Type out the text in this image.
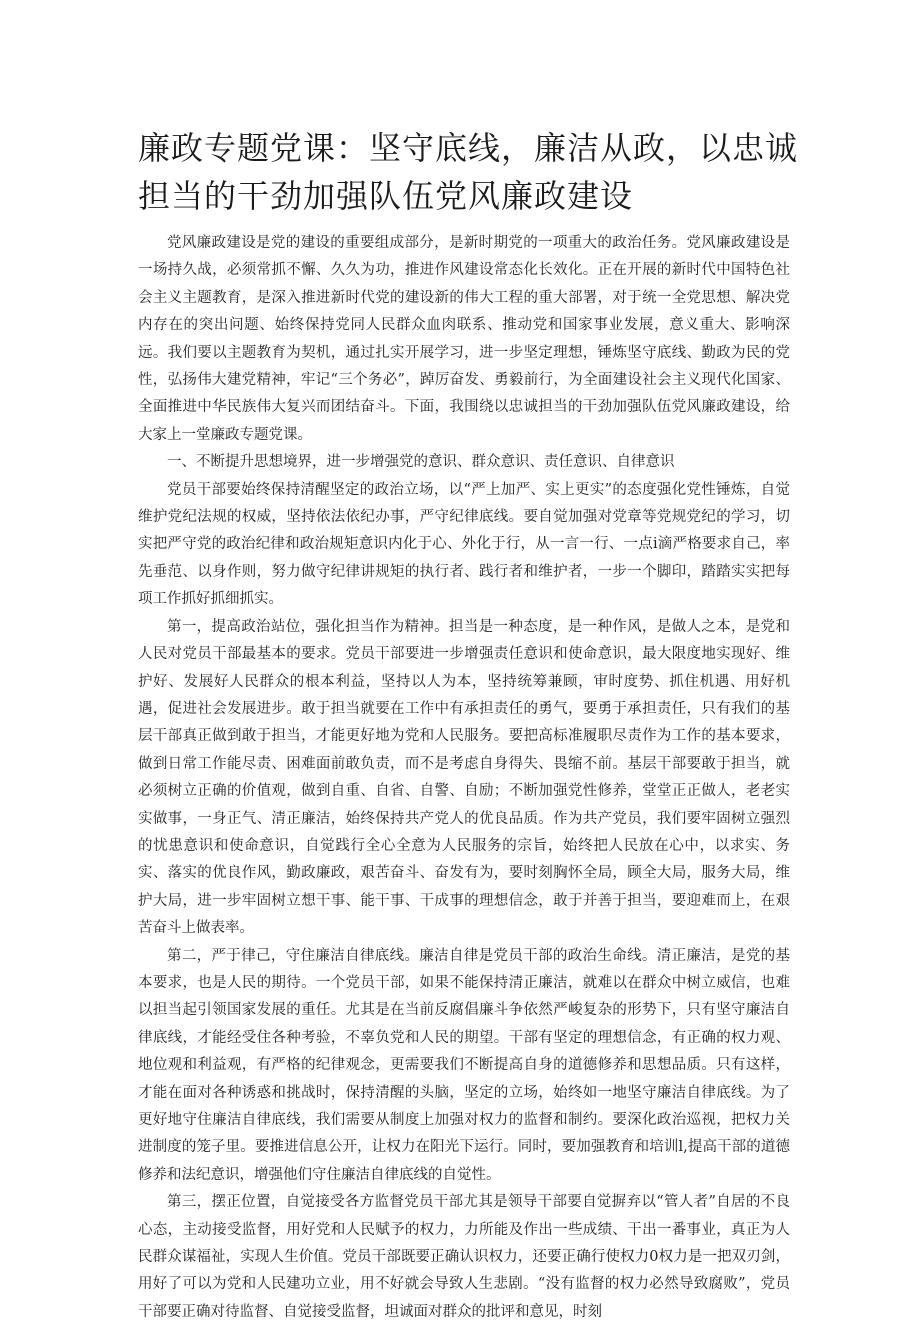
廉政专题党课：坚守底线，廉洁从政，以忠诚担当的干劲加强队伍党风廉政建设

党风廉政建设是党的建设的重要组成部分，是新时期党的一项重大的政治任务。党风廉政建设是一场持久战，必须常抓不懈、久久为功，推进作风建设常态化长效化。正在开展的新时代中国特色社会主义主题教育，是深入推进新时代党的建设新的伟大工程的重大部署，对于统一全党思想、解决党内存在的突出问题、始终保持党同人民群众血肉联系、推动党和国家事业发展，意义重大、影响深远。我们要以主题教育为契机，通过扎实开展学习，进一步坚定理想，锤炼坚守底线、勤政为民的党性，弘扬伟大建党精神，牢记“三个务必”，踔厉奋发、勇毅前行，为全面建设社会主义现代化国家、全面推进中华民族伟大复兴而团结奋斗。下面，我围绕以忠诚担当的干劲加强队伍党风廉政建设，给大家上一堂廉政专题党课。

一、不断提升思想境界，进一步增强党的意识、群众意识、责任意识、自律意识

党员干部要始终保持清醒坚定的政治立场，以“严上加严、实上更实”的态度强化党性锤炼，自觉维护党纪法规的权威，坚持依法依纪办事，严守纪律底线。要自觉加强对党章等党规党纪的学习，切实把严守党的政治纪律和政治规矩意识内化于心、外化于行，从一言一行、一点i滴严格要求自己，率先垂范、以身作则，努力做守纪律讲规矩的执行者、践行者和维护者，一步一个脚印，踏踏实实把每项工作抓好抓细抓实。

第一，提高政治站位，强化担当作为精神。担当是一种态度，是一种作风，是做人之本，是党和人民对党员干部最基本的要求。党员干部要进一步增强责任意识和使命意识，最大限度地实现好、维护好、发展好人民群众的根本利益，坚持以人为本，坚持统筹兼顾，审时度势、抓住机遇、用好机遇，促进社会发展进步。敢于担当就要在工作中有承担责任的勇气，要勇于承担责任，只有我们的基层干部真正做到敢于担当，才能更好地为党和人民服务。要把高标准履职尽责作为工作的基本要求，做到日常工作能尽责、困难面前敢负责，而不是考虑自身得失、畏缩不前。基层干部要敢于担当，就必须树立正确的价值观，做到自重、自省、自警、自励；不断加强党性修养，堂堂正正做人，老老实实做事，一身正气、清正廉洁，始终保持共产党人的优良品质。作为共产党员，我们要牢固树立强烈的忧患意识和使命意识，自觉践行全心全意为人民服务的宗旨，始终把人民放在心中，以求实、务实、落实的优良作风，勤政廉政，艰苦奋斗、奋发有为，要时刻胸怀全局，顾全大局，服务大局，维护大局，进一步牢固树立想干事、能干事、干成事的理想信念，敢于并善于担当，要迎难而上，在艰苦奋斗上做表率。

第二，严于律己，守住廉洁自律底线。廉洁自律是党员干部的政治生命线。清正廉洁，是党的基本要求，也是人民的期待。一个党员干部，如果不能保持清正廉洁，就难以在群众中树立威信，也难以担当起引领国家发展的重任。尤其是在当前反腐倡廉斗争依然严峻复杂的形势下，只有坚守廉洁自律底线，才能经受住各种考验，不辜负党和人民的期望。干部有坚定的理想信念，有正确的权力观、地位观和利益观，有严格的纪律观念，更需要我们不断提高自身的道德修养和思想品质。只有这样，才能在面对各种诱惑和挑战时，保持清醒的头脑，坚定的立场，始终如一地坚守廉洁自律底线。为了更好地守住廉洁自律底线，我们需要从制度上加强对权力的监督和制约。要深化政治巡视，把权力关进制度的笼子里。要推进信息公开，让权力在阳光下运行。同时，要加强教育和培训l,提高干部的道德修养和法纪意识，增强他们守住廉洁自律底线的自觉性。

第三，摆正位置，自觉接受各方监督党员干部尤其是领导干部要自觉摒弃以“管人者”自居的不良心态，主动接受监督，用好党和人民赋予的权力，力所能及作出一些成绩、干出一番事业，真正为人民群众谋福祉，实现人生价值。党员干部既要正确认识权力，还要正确行使权力0权力是一把双刃剑，用好了可以为党和人民建功立业，用不好就会导致人生悲剧。“没有监督的权力必然导致腐败”，党员干部要正确对待监督、自觉接受监督，坦诚面对群众的批评和意见，时刻
